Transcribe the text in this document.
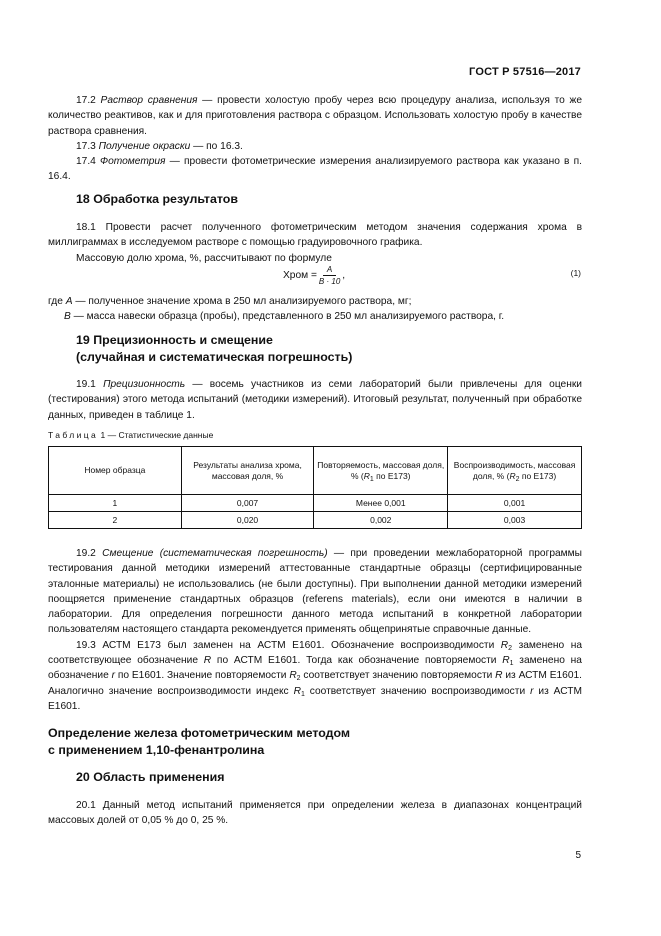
ГОСТ Р 57516—2017

17.2 Раствор сравнения — провести холостую пробу через всю процедуру анализа, используя то же количество реактивов, как и для приготовления раствора с образцом. Использовать холостую пробу в качестве раствора сравнения.

17.3 Получение окраски — по 16.3.

17.4 Фотометрия — провести фотометрические измерения анализируемого раствора как указано в п. 16.4.

18 Обработка результатов

18.1 Провести расчет полученного фотометрическим методом значения содержания хрома в миллиграммах в исследуемом растворе с помощью градуировочного графика.

Массовую долю хрома, %, рассчитывают по формуле

Хром = $\frac{A}{B \cdot 10}$ ,	(1)

где A — полученное значение хрома в 250 мл анализируемого раствора, мг;

B — масса навески образца (пробы), представленного в 250 мл анализируемого раствора, г.

19 Прецизионность и смещение
(случайная и систематическая погрешность)

19.1 Прецизионность — восемь участников из семи лабораторий были привлечены для оценки (тестирования) этого метода испытаний (методики измерений). Итоговый результат, полученный при обработке данных, приведен в таблице 1.

Таблица 1 — Статистические данные
Номер образца	Результаты анализа хрома, массовая доля, %	Повторяемость, массовая доля, % ($R_1$ по E173)	Воспроизводимость, массовая доля, % ($R_2$ по E173)
1	0,007	Менее 0,001	0,001
2	0,020	0,002	0,003

19.2 Смещение (систематическая погрешность) — при проведении межлабораторной программы тестирования данной методики измерений аттестованные стандартные образцы (сертифицированные эталонные материалы) не использовались (не были доступны). При выполнении данной методики измерений поощряется применение стандартных образцов (referens materials), если они имеются в наличии в лаборатории. Для определения погрешности данного метода испытаний в конкретной лаборатории пользователям настоящего стандарта рекомендуется применять общепринятые справочные данные.

19.3 АСТМ E173 был заменен на АСТМ E1601. Обозначение воспроизводимости $R_2$ заменено на соответствующее обозначение R по АСТМ E1601. Тогда как обозначение повторяемости $R_1$ заменено на обозначение r по E1601. Значение повторяемости $R_2$ соответствует значению повторяемости R из АСТМ E1601. Аналогично значение воспроизводимости индекс $R_1$ соответствует значению воспроизводимости r из АСТМ E1601.

Определение железа фотометрическим методом
с применением 1,10-фенантролина
20 Область применения

20.1 Данный метод испытаний применяется при определении железа в диапазонах концентраций массовых долей от 0,05 % до 0, 25 %.

5
